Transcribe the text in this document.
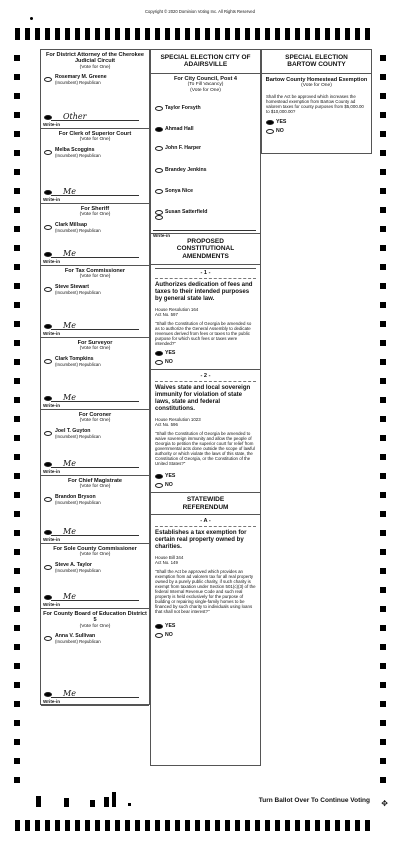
Copyright © 2020 Dominion Voting Inc. All Rights Reserved
For District Attorney of the Cherokee Judicial Circuit
(Vote for One)
Rosemary M. Greene
(Incumbent) Republican
Other
Write-in
For Clerk of Superior Court
(Vote for One)
Melba Scoggins
(Incumbent) Republican
Me
Write-in
For Sheriff
(Vote for One)
Clark Millsap
(Incumbent) Republican
Me
Write-in
For Tax Commissioner
(Vote for One)
Steve Stewart
(Incumbent) Republican
Me
Write-in
For Surveyor
(Vote for One)
Clark Tompkins
(Incumbent) Republican
Me
Write-in
For Coroner
(Vote for One)
Joel T. Guyton
(Incumbent) Republican
Me
Write-in
For Chief Magistrate
(Vote for One)
Brandon Bryson
(Incumbent) Republican
Me
Write-in
For Sole County Commissioner
(Vote for One)
Steve A. Taylor
(Incumbent) Republican
Me
Write-in
For County Board of Education District 5
(Vote for One)
Anna V. Sullivan
(Incumbent) Republican
Me
Write-in
SPECIAL ELECTION CITY OF ADAIRSVILLE
For City Council, Post 4
(To Fill Vacancy)
(Vote for One)
Taylor Forsyth
Ahmad Hall
John F. Harper
Brandey Jenkins
Sonya Nice
Susan Satterfield
Write-in
PROPOSED CONSTITUTIONAL AMENDMENTS
- 1 -
Authorizes dedication of fees and taxes to their intended purposes by general state law.
House Resolution 164
Act No. 597
"Shall the Constitution of Georgia be amended so as to authorize the General Assembly to dedicate revenues derived from fees or taxes to the public purpose for which such fees or taxes were intended?"
YES
NO
- 2 -
Waives state and local sovereign immunity for violation of state laws, state and federal constitutions.
House Resolution 1023
Act No. 596
"Shall the Constitution of Georgia be amended to waive sovereign immunity and allow the people of Georgia to petition the superior court for relief from governmental acts done outside the scope of lawful authority or which violate the laws of this state, the Constitution of Georgia, or the Constitution of the United States?"
YES
NO
STATEWIDE REFERENDUM
- A -
Establishes a tax exemption for certain real property owned by charities.
House Bill 344
Act No. 149
"Shall the Act be approved which provides an exemption from ad valorem tax for all real property owned by a purely public charity, if such charity is exempt from taxation under Section 501(c)(3) of the federal Internal Revenue Code and such real property is held exclusively for the purpose of building or repairing single-family homes to be financed by such charity to individuals using loans that shall not bear interest?"
YES
NO
SPECIAL ELECTION BARTOW COUNTY
Bartow County Homestead Exemption
(Vote for One)
Shall the Act be approved which increases the homestead exemption from Bartow County ad valorem taxes for county purposes from $5,000.00 to $10,000.00?
YES
NO
Turn Ballot Over To Continue Voting ✥
